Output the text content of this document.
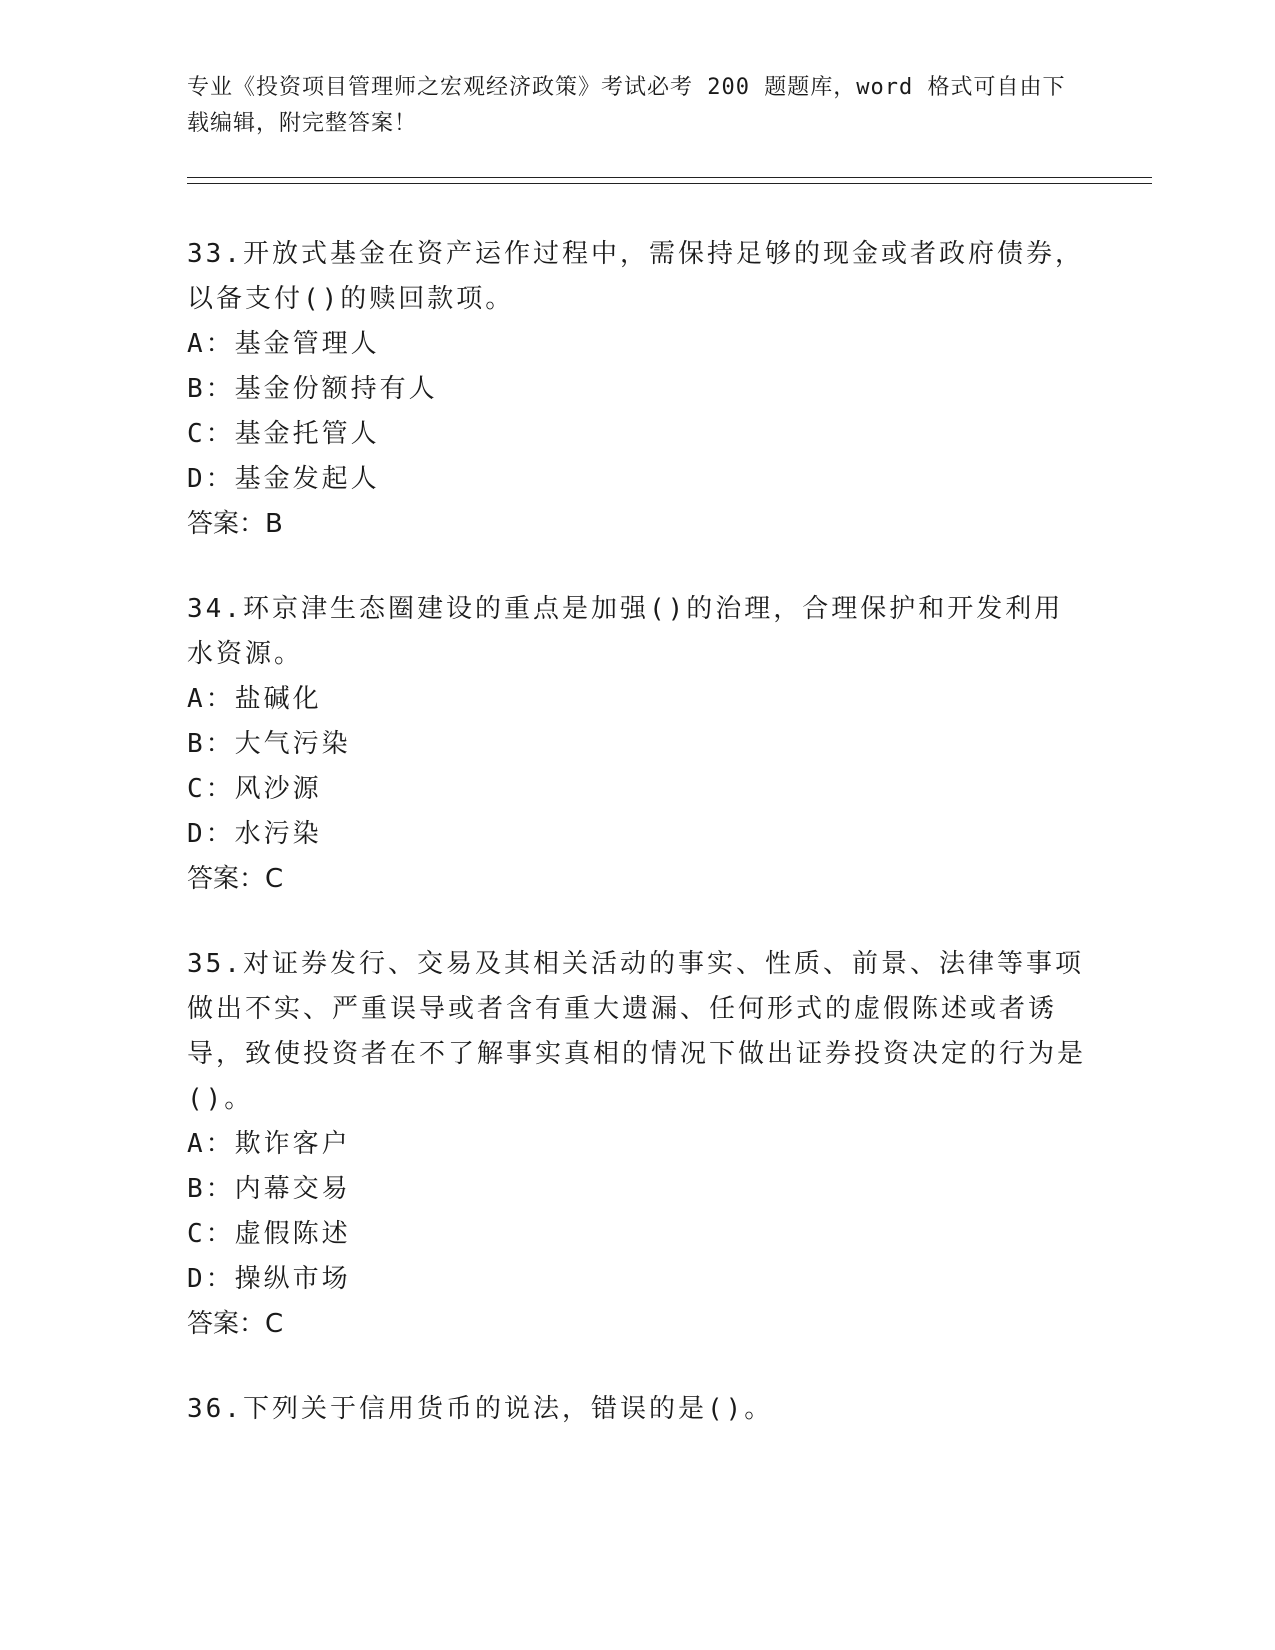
专业《投资项目管理师之宏观经济政策》考试必考 200 题题库，word 格式可自由下载编辑，附完整答案！

33.开放式基金在资产运作过程中，需保持足够的现金或者政府债券，以备支付()的赎回款项。

A：基金管理人

B：基金份额持有人

C：基金托管人

D：基金发起人

答案：B

34.环京津生态圈建设的重点是加强()的治理，合理保护和开发利用水资源。

A：盐碱化

B：大气污染

C：风沙源

D：水污染

答案：C

35.对证券发行、交易及其相关活动的事实、性质、前景、法律等事项做出不实、严重误导或者含有重大遗漏、任何形式的虚假陈述或者诱导，致使投资者在不了解事实真相的情况下做出证券投资决定的行为是()。

A：欺诈客户

B：内幕交易

C：虚假陈述

D：操纵市场

答案：C

36.下列关于信用货币的说法，错误的是()。
